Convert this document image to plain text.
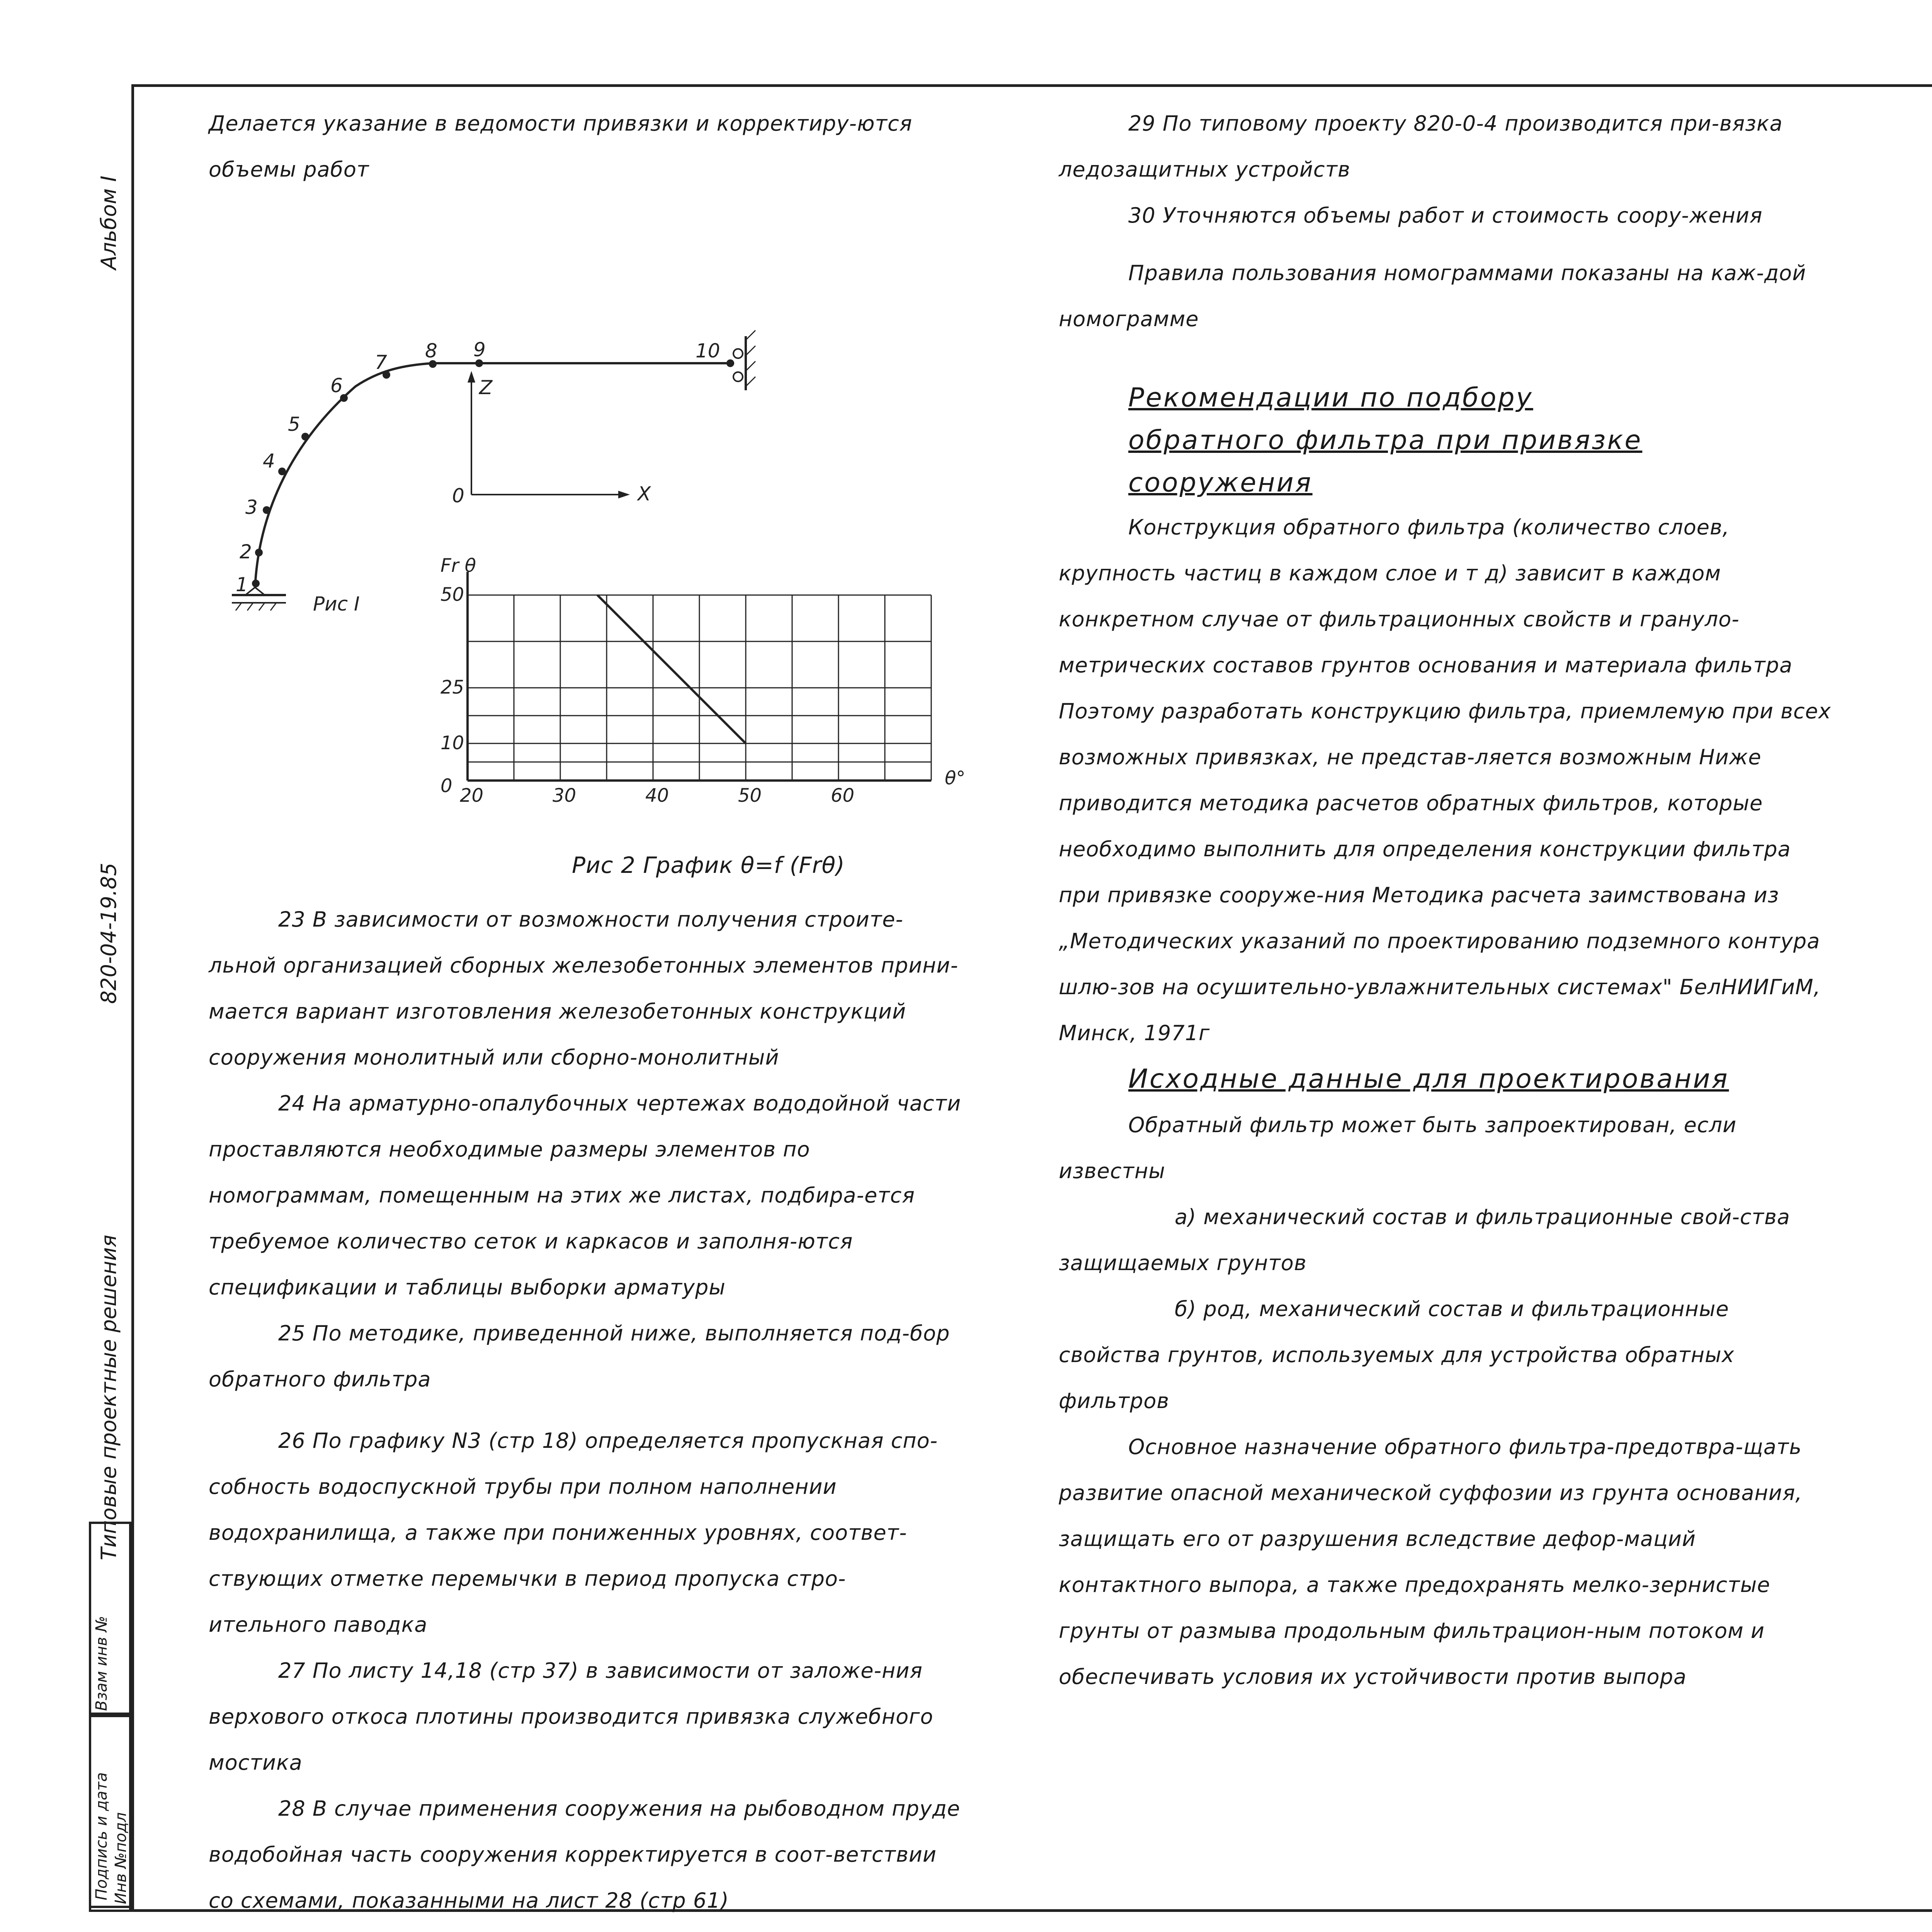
Альбом I
820-04-19.85
Типовые проектные решения
Взам инв №
Подпись и дата Инв №подл

Делается указание в ведомости привязки и корректиру-ются объемы работ

1
2
3
4
5
6
7
8 9	10
Z
X
0
Рис I
Fr θ
θ°
0
10
25
50
20	30	40	50	60
Рис 2 График θ=f (Frθ)

23 В зависимости от возможности получения строите-льной организацией сборных железобетонных элементов прини-мается вариант изготовления железобетонных конструкций сооружения монолитный или сборно-монолитный

24 На арматурно-опалубочных чертежах вододойной части проставляются необходимые размеры элементов по номограммам, помещенным на этих же листах, подбира-ется требуемое количество сеток и каркасов и заполня-ются спецификации и таблицы выборки арматуры

25 По методике, приведенной ниже, выполняется под-бор обратного фильтра

26 По графику N3 (стр 18) определяется пропускная спо-собность водоспускной трубы при полном наполнении водохранилища, а также при пониженных уровнях, соответ-ствующих отметке перемычки в период пропуска стро-ительного паводка

27 По листу 14,18 (стр 37) в зависимости от заложе-ния верхового откоса плотины производится привязка служебного мостика

28 В случае применения сооружения на рыбоводном пруде водобойная часть сооружения корректируется в соот-ветствии со схемами, показанными на лист 28 (стр 61)

29 По типовому проекту 820-0-4 производится при-вязка ледозащитных устройств

30 Уточняются объемы работ и стоимость соору-жения

Правила пользования номограммами показаны на каж-дой номограмме

Рекомендации по подбору обратного фильтра при привязке сооружения

Конструкция обратного фильтра (количество слоев, крупность частиц в каждом слое и т д) зависит в каждом конкретном случае от фильтрационных свойств и грануло-метрических составов грунтов основания и материала фильтра Поэтому разработать конструкцию фильтра, приемлемую при всех возможных привязках, не представ-ляется возможным Ниже приводится методика расчетов обратных фильтров, которые необходимо выполнить для определения конструкции фильтра при привязке сооруже-ния Методика расчета заимствована из „Методических указаний по проектированию подземного контура шлю-зов на осушительно-увлажнительных системах" БелНИИГиМ, Минск, 1971г

Исходные данные для проектирования

Обратный фильтр может быть запроектирован, если известны

а) механический состав и фильтрационные свой-ства защищаемых грунтов

б) род, механический состав и фильтрационные свойства грунтов, используемых для устройства обратных фильтров

Основное назначение обратного фильтра-предотвра-щать развитие опасной механической суффозии из грунта основания, защищать его от разрушения вследствие дефор-маций контактного выпора, а также предохранять мелко-зернистые грунты от размыва продольным фильтрацион-ным потоком и обеспечивать условия их устойчивости против выпора
